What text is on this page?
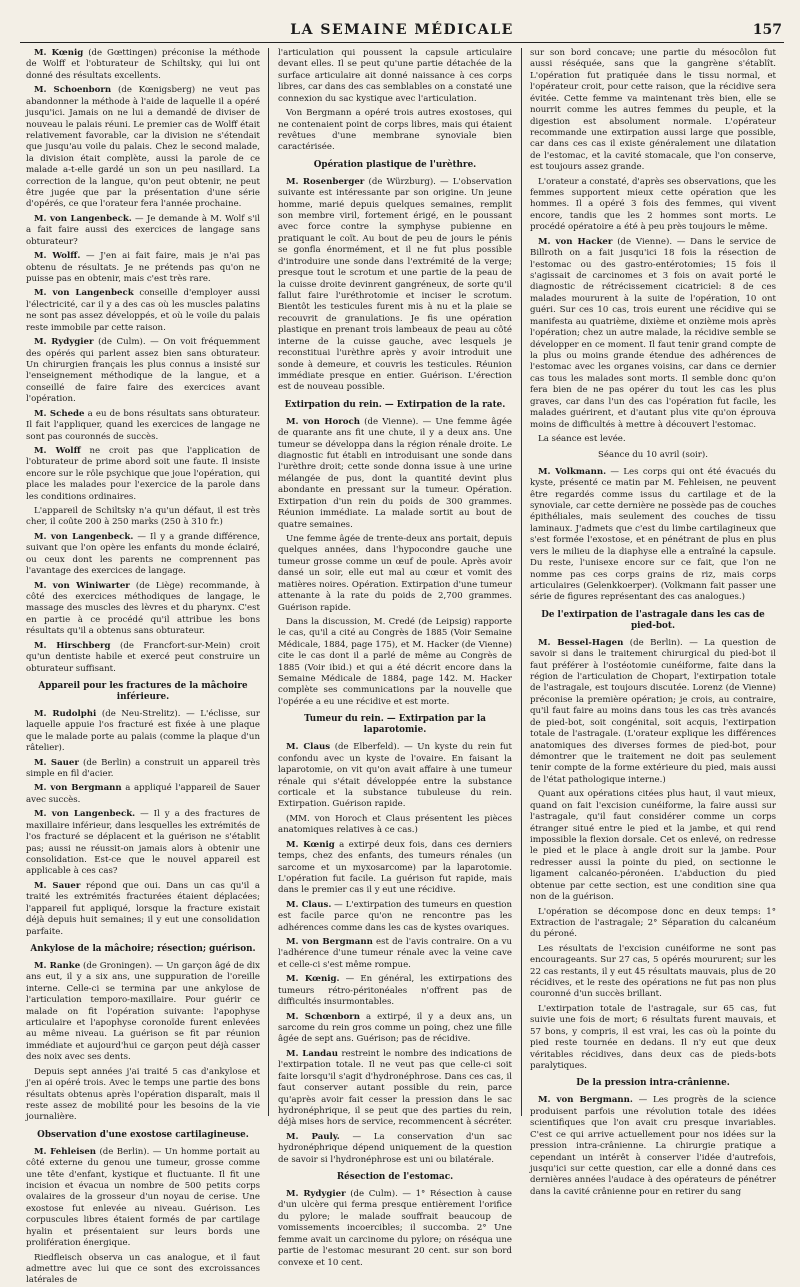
LA SEMAINE MÉDICALE	157

M. Kœnig (de Gœttingen) préconise la méthode de Wolff et l'obturateur de Schiltsky, qui lui ont donné des résultats excellents.

M. Schoenborn (de Kœnigsberg) ne veut pas abandonner la méthode à l'aide de laquelle il a opéré jusqu'ici. Jamais on ne lui a demandé de diviser de nouveau le palais réuni. Le premier cas de Wolff était relativement favorable, car la division ne s'étendait que jusqu'au voile du palais. Chez le second malade, la division était complète, aussi la parole de ce malade a-t-elle gardé un son un peu nasillard. La correction de la langue, qu'on peut obtenir, ne peut être jugée que par la présentation d'une série d'opérés, ce que l'orateur fera l'année prochaine.

M. von Langenbeck. — Je demande à M. Wolf s'il a fait faire aussi des exercices de langage sans obturateur?

M. Wolff. — J'en ai fait faire, mais je n'ai pas obtenu de résultats. Je ne prétends pas qu'on ne puisse pas en obtenir, mais c'est très rare.

M. von Langenbeck conseille d'employer aussi l'électricité, car il y a des cas où les muscles palatins ne sont pas assez développés, et où le voile du palais reste immobile par cette raison.

M. Rydygier (de Culm). — On voit fréquemment des opérés qui parlent assez bien sans obturateur. Un chirurgien français les plus connus a insisté sur l'enseignement méthodique de la langue, et a conseillé de faire faire des exercices avant l'opération.

M. Schede a eu de bons résultats sans obturateur. Il fait l'appliquer, quand les exercices de langage ne sont pas couronnés de succès.

M. Wolff ne croit pas que l'application de l'obturateur de prime abord soit une faute. Il insiste encore sur le rôle psychique que joue l'opération, qui place les malades pour l'exercice de la parole dans les conditions ordinaires.

L'appareil de Schiltsky n'a qu'un défaut, il est très cher, il coûte 200 à 250 marks (250 à 310 fr.)

M. von Langenbeck. — Il y a grande différence, suivant que l'on opère les enfants du monde éclairé, ou ceux dont les parents ne comprennent pas l'avantage des exercices de langage.

M. von Winiwarter (de Liège) recommande, à côté des exercices méthodiques de langage, le massage des muscles des lèvres et du pharynx. C'est en partie à ce procédé qu'il attribue les bons résultats qu'il a obtenus sans obturateur.

M. Hirschberg (de Francfort-sur-Mein) croit qu'un dentiste habile et exercé peut construire un obturateur suffisant.

Appareil pour les fractures de la mâchoire inférieure.

M. Rudolphi (de Neu-Strelitz). — L'éclisse, sur laquelle appuie l'os fracturé est fixée à une plaque que le malade porte au palais (comme la plaque d'un râtelier).

M. Sauer (de Berlin) a construit un appareil très simple en fil d'acier.

M. von Bergmann a appliqué l'appareil de Sauer avec succès.

M. von Langenbeck. — Il y a des fractures de maxillaire inférieur, dans lesquelles les extrémités de l'os fracturé se déplacent et la guérison ne s'établit pas; aussi ne réussit-on jamais alors à obtenir une consolidation. Est-ce que le nouvel appareil est applicable à ces cas?

M. Sauer répond que oui. Dans un cas qu'il a traité les extrémités fracturées étaient déplacées; l'appareil fut appliqué, lorsque la fracture existait déjà depuis huit semaines; il y eut une consolidation parfaite.

Ankylose de la mâchoire; résection; guérison.

M. Ranke (de Groningen). — Un garçon âgé de dix ans eut, il y a six ans, une suppuration de l'oreille interne. Celle-ci se termina par une ankylose de l'articulation temporo-maxillaire. Pour guérir ce malade on fit l'opération suivante: l'apophyse articulaire et l'apophyse coronoïde furent enlevées au même niveau. La guérison se fit par réunion immédiate et aujourd'hui ce garçon peut déjà casser des noix avec ses dents.

Depuis sept années j'ai traité 5 cas d'ankylose et j'en ai opéré trois. Avec le temps une partie des bons résultats obtenus après l'opération disparaît, mais il reste assez de mobilité pour les besoins de la vie journalière.

Observation d'une exostose cartilagineuse.

M. Fehleisen (de Berlin). — Un homme portait au côté externe du genou une tumeur, grosse comme une tête d'enfant, kystique et fluctuante. Il fit une incision et évacua un nombre de 500 petits corps ovalaires de la grosseur d'un noyau de cerise. Une exostose fut enlevée au niveau. Guérison. Les corpuscules libres étaient formés de par cartilage hyalin et présentaient sur leurs bords une prolifération énergique.

Riedfleisch observa un cas analogue, et il faut admettre avec lui que ce sont des excroissances latérales de

l'articulation qui poussent la capsule articulaire devant elles. Il se peut qu'une partie détachée de la surface articulaire ait donné naissance à ces corps libres, car dans des cas semblables on a constaté une connexion du sac kystique avec l'articulation.

Von Bergmann a opéré trois autres exostoses, qui ne contenaient point de corps libres, mais qui étaient revêtues d'une membrane synoviale bien caractérisée.

Opération plastique de l'urèthre.

M. Rosenberger (de Würzburg). — L'observation suivante est intéressante par son origine. Un jeune homme, marié depuis quelques semaines, remplit son membre viril, fortement érigé, en le poussant avec force contre la symphyse pubienne en pratiquant le coït. Au bout de peu de jours le pénis se gonfla énormément, et il ne fut plus possible d'introduire une sonde dans l'extrémité de la verge; presque tout le scrotum et une partie de la peau de la cuisse droite devinrent gangréneux, de sorte qu'il fallut faire l'uréthrotomie et inciser le scrotum. Bientôt les testicules furent mis à nu et la plaie se recouvrit de granulations. Je fis une opération plastique en prenant trois lambeaux de peau au côté interne de la cuisse gauche, avec lesquels je reconstituai l'urèthre après y avoir introduit une sonde à demeure, et couvris les testicules. Réunion immédiate presque en entier. Guérison. L'érection est de nouveau possible.

Extirpation du rein. — Extirpation de la rate.

M. von Horoch (de Vienne). — Une femme âgée de quarante ans fit une chute, il y a deux ans. Une tumeur se développa dans la région rénale droite. Le diagnostic fut établi en introduisant une sonde dans l'urèthre droit; cette sonde donna issue à une urine mélangée de pus, dont la quantité devint plus abondante en pressant sur la tumeur. Opération. Extirpation d'un rein du poids de 300 grammes. Réunion immédiate. La malade sortit au bout de quatre semaines.

Une femme âgée de trente-deux ans portait, depuis quelques années, dans l'hypocondre gauche une tumeur grosse comme un œuf de poule. Après avoir dansé un soir, elle eut mal au cœur et vomit des matières noires. Opération. Extirpation d'une tumeur attenante à la rate du poids de 2,700 grammes. Guérison rapide.

Dans la discussion, M. Credé (de Leipsig) rapporte le cas, qu'il a cité au Congrès de 1885 (Voir Semaine Médicale, 1884, page 175), et M. Hacker (de Vienne) cite le cas dont il a parlé de même au Congrès de 1885 (Voir ibid.) et qui a été décrit encore dans la Semaine Médicale de 1884, page 142. M. Hacker complète ses communications par la nouvelle que l'opérée a eu une récidive et est morte.

Tumeur du rein. — Extirpation par la laparotomie.

M. Claus (de Elberfeld). — Un kyste du rein fut confondu avec un kyste de l'ovaire. En faisant la laparotomie, on vit qu'on avait affaire à une tumeur rénale qui s'était développée entre la substance corticale et la substance tubuleuse du rein. Extirpation. Guérison rapide.

(MM. von Horoch et Claus présentent les pièces anatomiques relatives à ce cas.)

M. Kœnig a extirpé deux fois, dans ces derniers temps, chez des enfants, des tumeurs rénales (un sarcome et un myxosarcome) par la laparotomie. L'opération fut facile. La guérison fut rapide, mais dans le premier cas il y eut une récidive.

M. Claus. — L'extirpation des tumeurs en question est facile parce qu'on ne rencontre pas les adhérences comme dans les cas de kystes ovariques.

M. von Bergmann est de l'avis contraire. On a vu l'adhérence d'une tumeur rénale avec la veine cave et celle-ci s'est même rompue.

M. Kœnig. — En général, les extirpations des tumeurs rétro-péritonéales n'offrent pas de difficultés insurmontables.

M. Schœnborn a extirpé, il y a deux ans, un sarcome du rein gros comme un poing, chez une fille âgée de sept ans. Guérison; pas de récidive.

M. Landau restreint le nombre des indications de l'extirpation totale. Il ne veut pas que celle-ci soit faite lorsqu'il s'agit d'hydronéphrose. Dans ces cas, il faut conserver autant possible du rein, parce qu'après avoir fait cesser la pression dans le sac hydronéphrique, il se peut que des parties du rein, déjà mises hors de service, recommencent à sécréter.

M. Pauly. — La conservation d'un sac hydronéphrique dépend uniquement de la question de savoir si l'hydronéphrose est uni ou bilatérale.

Résection de l'estomac.

M. Rydygier (de Culm). — 1° Résection à cause d'un ulcère qui ferma presque entièrement l'orifice du pylore; le malade souffrait beaucoup de vomissements incoercibles; il succomba. 2° Une femme avait un carcinome du pylore; on réséqua une partie de l'estomac mesurant 20 cent. sur son bord convexe et 10 cent.

sur son bord concave; une partie du mésocôlon fut aussi réséquée, sans que la gangrène s'établît. L'opération fut pratiquée dans le tissu normal, et l'opérateur croit, pour cette raison, que la récidive sera évitée. Cette femme va maintenant très bien, elle se nourrit comme les autres femmes du peuple, et la digestion est absolument normale. L'opérateur recommande une extirpation aussi large que possible, car dans ces cas il existe généralement une dilatation de l'estomac, et la cavité stomacale, que l'on conserve, est toujours assez grande.

L'orateur a constaté, d'après ses observations, que les femmes supportent mieux cette opération que les hommes. Il a opéré 3 fois des femmes, qui vivent encore, tandis que les 2 hommes sont morts. Le procédé opératoire a été à peu près toujours le même.

M. von Hacker (de Vienne). — Dans le service de Billroth on a fait jusqu'ici 18 fois la résection de l'estomac ou des gastro-entérotomies; 15 fois il s'agissait de carcinomes et 3 fois on avait porté le diagnostic de rétrécissement cicatriciel: 8 de ces malades moururent à la suite de l'opération, 10 ont guéri. Sur ces 10 cas, trois eurent une récidive qui se manifesta au quatrième, dixième et onzième mois après l'opération; chez un autre malade, la récidive semble se développer en ce moment. Il faut tenir grand compte de la plus ou moins grande étendue des adhérences de l'estomac avec les organes voisins, car dans ce dernier cas tous les malades sont morts. Il semble donc qu'on fera bien de ne pas opérer du tout les cas les plus graves, car dans l'un des cas l'opération fut facile, les malades guérirent, et d'autant plus vite qu'on éprouva moins de difficultés à mettre à découvert l'estomac.

La séance est levée.

Séance du 10 avril (soir).

M. Volkmann. — Les corps qui ont été évacués du kyste, présenté ce matin par M. Fehleisen, ne peuvent être regardés comme issus du cartilage et de la synoviale, car cette dernière ne possède pas de couches épithéliales, mais seulement des couches de tissu laminaux. J'admets que c'est du limbe cartilagineux que s'est formée l'exostose, et en pénétrant de plus en plus vers le milieu de la diaphyse elle a entraîné la capsule. Du reste, l'unisexe encore sur ce fait, que l'on ne nomme pas ces corps grains de riz, mais corps articulaires (Gelenkkoerper). (Volkmann fait passer une série de figures représentant des cas analogues.)

De l'extirpation de l'astragale dans les cas de pied-bot.

M. Bessel-Hagen (de Berlin). — La question de savoir si dans le traitement chirurgical du pied-bot il faut préférer à l'ostéotomie cunéiforme, faite dans la région de l'articulation de Chopart, l'extirpation totale de l'astragale, est toujours discutée. Lorenz (de Vienne) préconise la première opération; je crois, au contraire, qu'il faut faire au moins dans tous les cas très avancés de pied-bot, soit congénital, soit acquis, l'extirpation totale de l'astragale. (L'orateur explique les différences anatomiques des diverses formes de pied-bot, pour démontrer que le traitement ne doit pas seulement tenir compte de la forme extérieure du pied, mais aussi de l'état pathologique interne.)

Quant aux opérations citées plus haut, il vaut mieux, quand on fait l'excision cunéiforme, la faire aussi sur l'astragale, qu'il faut considérer comme un corps étranger situé entre le pied et la jambe, et qui rend impossible la flexion dorsale. Cet os enlevé, on redresse le pied et le place à angle droit sur la jambe. Pour redresser aussi la pointe du pied, on sectionne le ligament calcanéo-péronéen. L'abduction du pied obtenue par cette section, est une condition sine qua non de la guérison.

L'opération se décompose donc en deux temps: 1° Extraction de l'astragale; 2° Séparation du calcanéum du péroné.

Les résultats de l'excision cunéiforme ne sont pas encourageants. Sur 27 cas, 5 opérés moururent; sur les 22 cas restants, il y eut 45 résultats mauvais, plus de 20 récidives, et le reste des opérations ne fut pas non plus couronné d'un succès brillant.

L'extirpation totale de l'astragale, sur 65 cas, fut suivie une fois de mort; 6 résultats furent mauvais, et 57 bons, y compris, il est vrai, les cas où la pointe du pied reste tournée en dedans. Il n'y eut que deux véritables récidives, dans deux cas de pieds-bots paralytiques.

De la pression intra-crânienne.

M. von Bergmann. — Les progrès de la science produisent parfois une révolution totale des idées scientifiques que l'on avait cru presque invariables. C'est ce qui arrive actuellement pour nos idées sur la pression intra-crânienne. La chirurgie pratique a cependant un intérêt à conserver l'idée d'autrefois, jusqu'ici sur cette question, car elle a donné dans ces dernières années l'audace à des opérateurs de pénétrer dans la cavité crânienne pour en retirer du sang
